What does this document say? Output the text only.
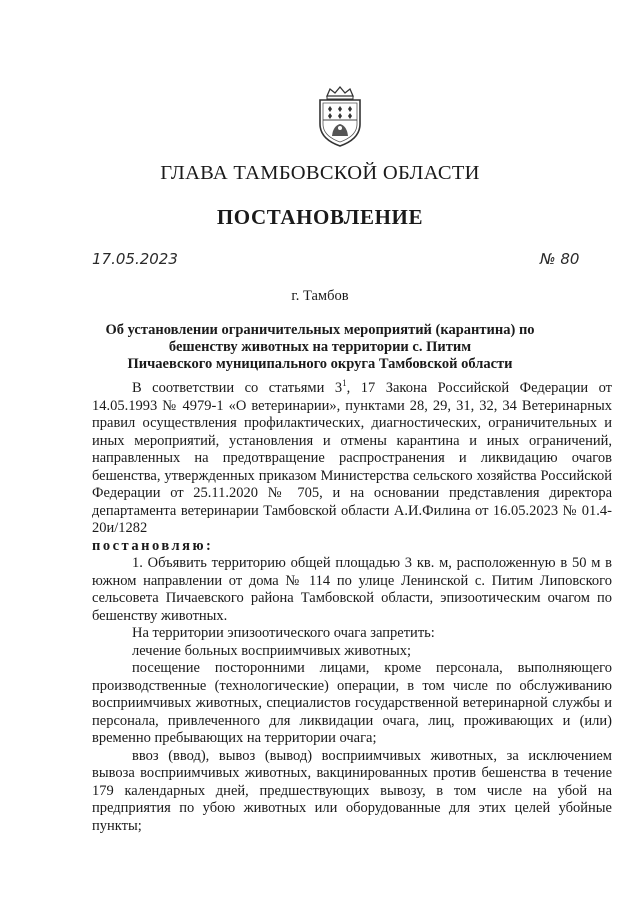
ГЛАВА ТАМБОВСКОЙ ОБЛАСТИ
ПОСТАНОВЛЕНИЕ
17.05.2023	№ 80
г. Тамбов
Об установлении ограничительных мероприятий (карантина) по
бешенству животных на территории с. Питим
Пичаевского муниципального округа Тамбовской области

В соответствии со статьями $3^1$, 17 Закона Российской Федерации от 14.05.1993 № 4979-1 «О ветеринарии», пунктами 28, 29, 31, 32, 34 Ветеринарных правил осуществления профилактических, диагностических, ограничительных и иных мероприятий, установления и отмены карантина и иных ограничений, направленных на предотвращение распространения и ликвидацию очагов бешенства, утвержденных приказом Министерства сельского хозяйства Российской Федерации от 25.11.2020 № 705, и на основании представления директора департамента ветеринарии Тамбовской области А.И.Филина от 16.05.2023 № 01.4-20и/1282

постановляю:

1. Объявить территорию общей площадью 3 кв. м, расположенную в 50 м в южном направлении от дома № 114 по улице Ленинской с. Питим Липовского сельсовета Пичаевского района Тамбовской области, эпизоотическим очагом по бешенству животных.

На территории эпизоотического очага запретить:

лечение больных восприимчивых животных;

посещение посторонними лицами, кроме персонала, выполняющего производственные (технологические) операции, в том числе по обслуживанию восприимчивых животных, специалистов государственной ветеринарной службы и персонала, привлеченного для ликвидации очага, лиц, проживающих и (или) временно пребывающих на территории очага;

ввоз (ввод), вывоз (вывод) восприимчивых животных, за исключением вывоза восприимчивых животных, вакцинированных против бешенства в течение 179 календарных дней, предшествующих вывозу, в том числе на убой на предприятия по убою животных или оборудованные для этих целей убойные пункты;
